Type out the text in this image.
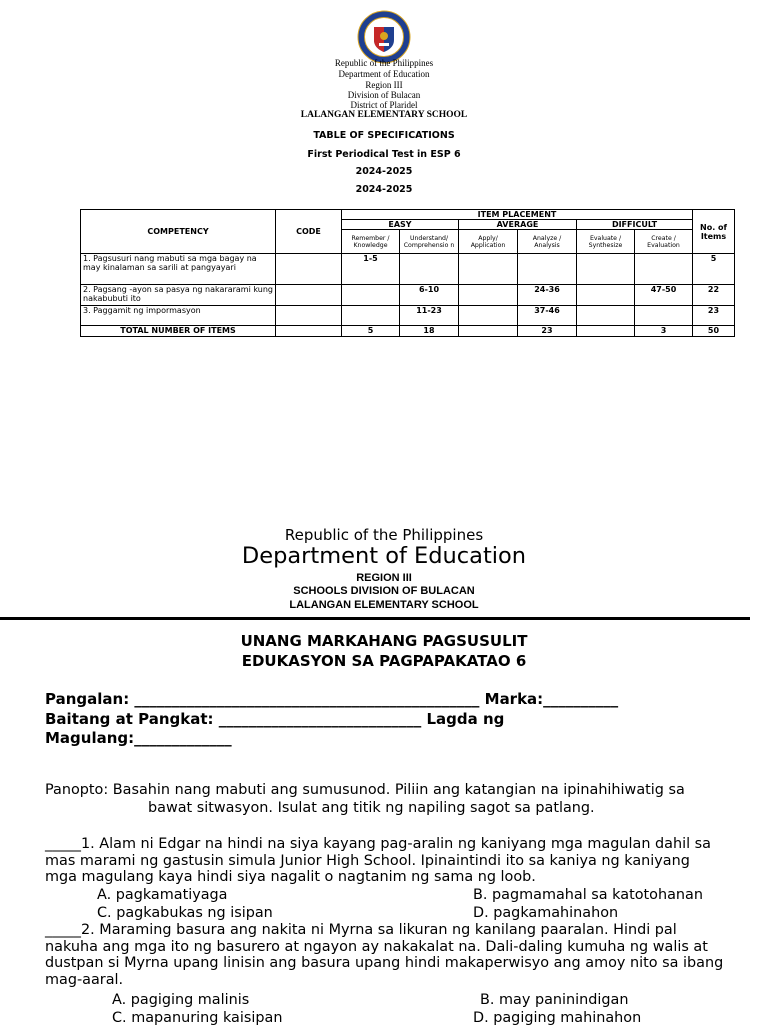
Republic of the Philippines
Department of Education
Region III
Division of Bulacan
District of Plaridel
LALANGAN ELEMENTARY SCHOOL
TABLE OF SPECIFICATIONS
First Periodical Test in ESP 6
2024-2025
2024-2025
COMPETENCY	CODE	ITEM PLACEMENT						No. of Items
		EASY		AVERAGE		DIFFICULT		
		Remember / Knowledge	Understand/ Comprehensio n	Apply/ Application	Analyze / Analysis	Evaluate / Synthesize	Create / Evaluation	
1. Pagsusuri nang mabuti sa mga bagay na may kinalaman sa sarili at pangyayari		1-5						5
2. Pagsang -ayon sa pasya ng nakararami kung nakabubuti ito			6-10		24-36		47-50	22
3. Paggamit ng impormasyon			11-23		37-46			23
TOTAL NUMBER OF ITEMS		5	18		23		3	50
Republic of the Philippines
Department of Education
REGION III
SCHOOLS DIVISION OF BULACAN
LALANGAN ELEMENTARY SCHOOL
UNANG MARKAHANG PAGSUSULIT
EDUKASYON SA PAGPAPAKATAO 6
Pangalan: ______________________________________________ Marka:__________
Baitang at Pangkat: ___________________________ Lagda ng
Magulang:_____________
Panopto: Basahin nang mabuti ang sumusunod. Piliin ang katangian na ipinahihiwatig sa
bawat sitwasyon. Isulat ang titik ng napiling sagot sa patlang.
_____1. Alam ni Edgar na hindi na siya kayang pag-aralin ng kaniyang mga magulan dahil sa mas marami ng gastusin simula Junior High School. Ipinaintindi ito sa kaniya ng kaniyang mga magulang kaya hindi siya nagalit o nagtanim ng sama ng loob.
A. pagkamatiyaga	B. pagmamahal sa katotohanan
C. pagkabukas ng isipan	D. pagkamahinahon
_____2. Maraming basura ang nakita ni Myrna sa likuran ng kanilang paaralan. Hindi pal nakuha ang mga ito ng basurero at ngayon ay nakakalat na. Dali-daling kumuha ng walis at dustpan si Myrna upang linisin ang basura upang hindi makaperwisyo ang amoy nito sa ibang mag-aaral.
A. pagiging malinis	B. may paninindigan
C. mapanuring kaisipan	D. pagiging mahinahon
